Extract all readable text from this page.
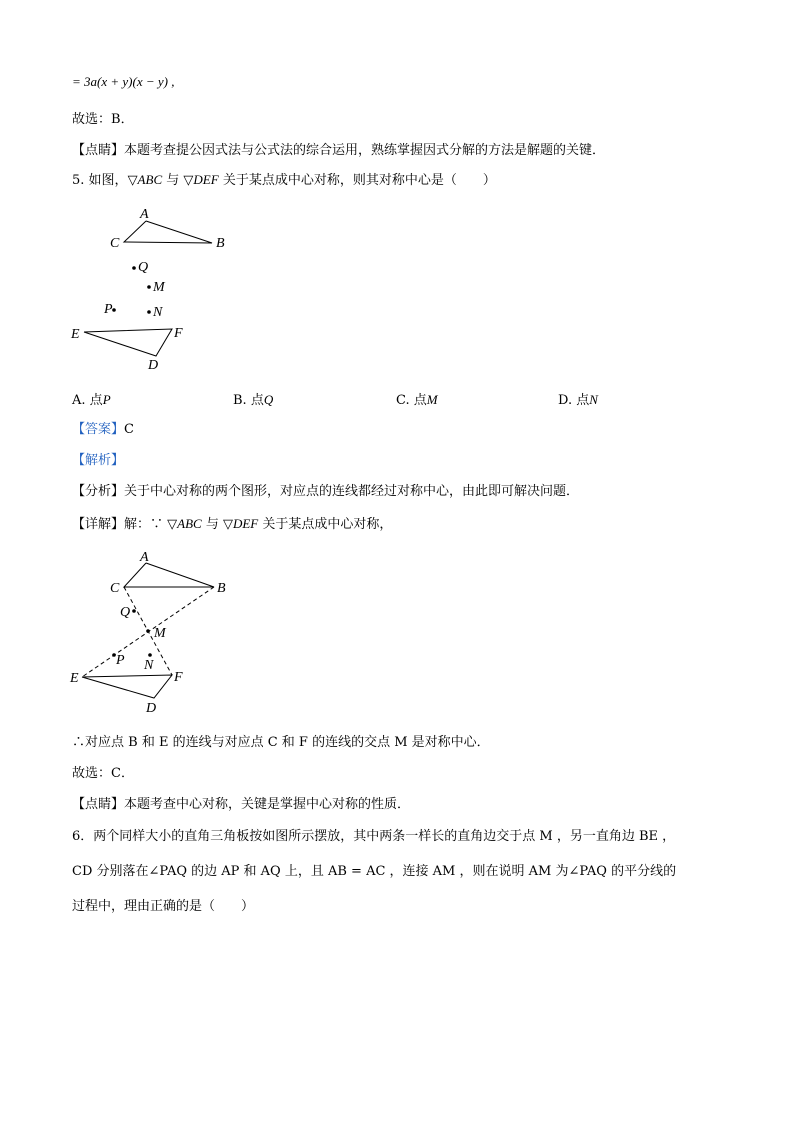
= 3a(x + y)(x − y) ,
故选：B．
【点睛】本题考查提公因式法与公式法的综合运用，熟练掌握因式分解的方法是解题的关键．
5. 如图，▽ABC 与 ▽DEF 关于某点成中心对称，则其对称中心是（　　）
A
C	B
Q
M
P	N
E	F
D
A. 点P	B. 点Q	C. 点M	D. 点N
【答案】C
【解析】
【分析】关于中心对称的两个图形，对应点的连线都经过对称中心，由此即可解决问题．
【详解】解：∵ ▽ABC 与 ▽DEF 关于某点成中心对称，
A
C	B
Q
M
P N
E	F
D
∴对应点 B 和 E 的连线与对应点 C 和 F 的连线的交点 M 是对称中心．
故选：C．
【点睛】本题考查中心对称，关键是掌握中心对称的性质．
6．两个同样大小的直角三角板按如图所示摆放，其中两条一样长的直角边交于点 M ，另一直角边 BE ，
CD 分别落在∠PAQ 的边 AP 和 AQ 上，且 AB = AC ，连接 AM ，则在说明 AM 为∠PAQ 的平分线的
过程中，理由正确的是（　　）
